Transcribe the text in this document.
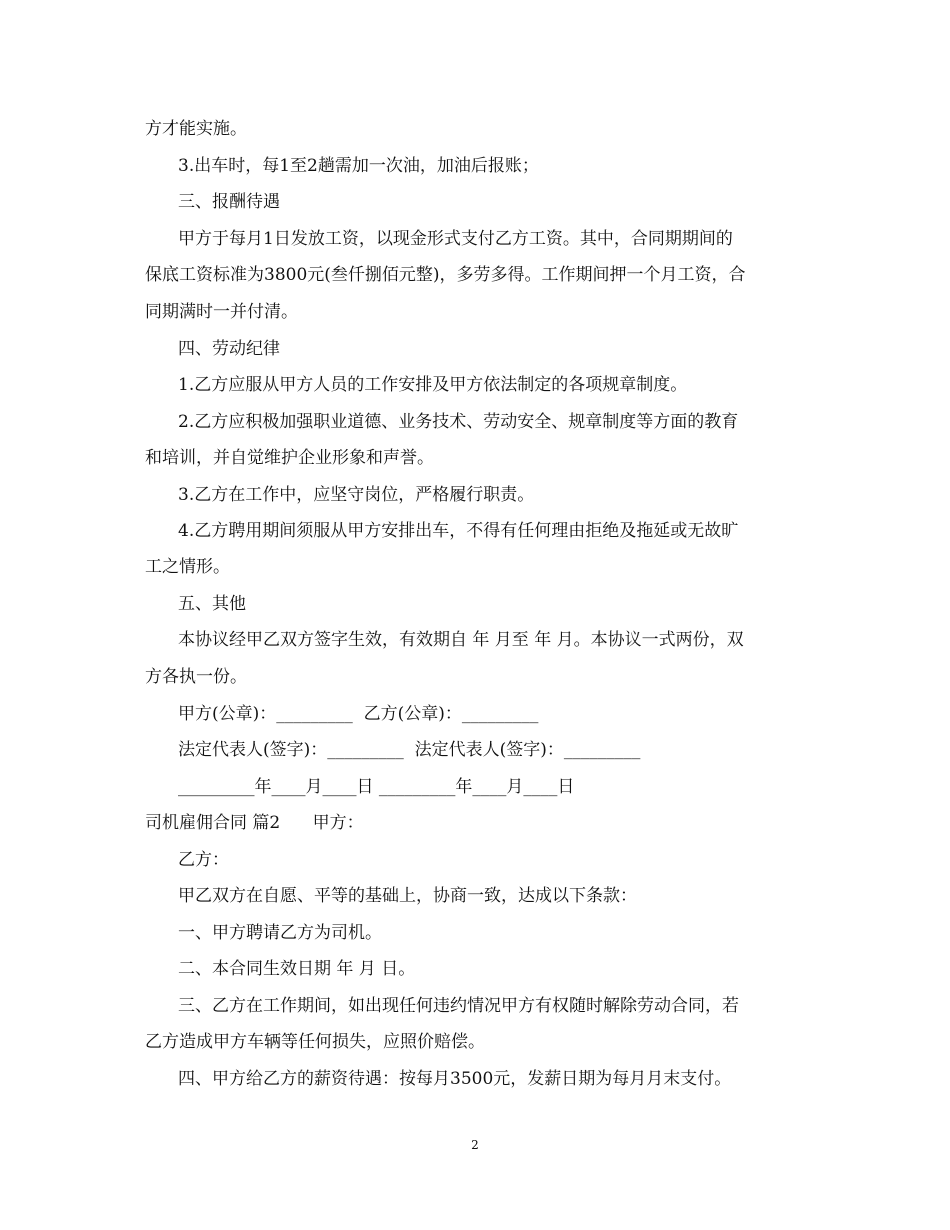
方才能实施。
3.出车时，每1至2趟需加一次油，加油后报账；
三、报酬待遇
甲方于每月1日发放工资，以现金形式支付乙方工资。其中，合同期期间的
保底工资标准为3800元(叁仟捌佰元整)，多劳多得。工作期间押一个月工资，合
同期满时一并付清。
四、劳动纪律
1.乙方应服从甲方人员的工作安排及甲方依法制定的各项规章制度。
2.乙方应积极加强职业道德、业务技术、劳动安全、规章制度等方面的教育
和培训，并自觉维护企业形象和声誉。
3.乙方在工作中，应坚守岗位，严格履行职责。
4.乙方聘用期间须服从甲方安排出车，不得有任何理由拒绝及拖延或无故旷
工之情形。
五、其他
本协议经甲乙双方签字生效，有效期自 年 月至 年 月。本协议一式两份，双
方各执一份。
甲方(公章)：_________  乙方(公章)：_________
法定代表人(签字)：_________  法定代表人(签字)：_________
_________年____月____日 _________年____月____日
司机雇佣合同 篇2      甲方：
乙方：
甲乙双方在自愿、平等的基础上，协商一致，达成以下条款：
一、甲方聘请乙方为司机。
二、本合同生效日期 年 月 日。
三、乙方在工作期间，如出现任何违约情况甲方有权随时解除劳动合同，若
乙方造成甲方车辆等任何损失，应照价赔偿。
四、甲方给乙方的薪资待遇：按每月3500元，发薪日期为每月月末支付。
2
